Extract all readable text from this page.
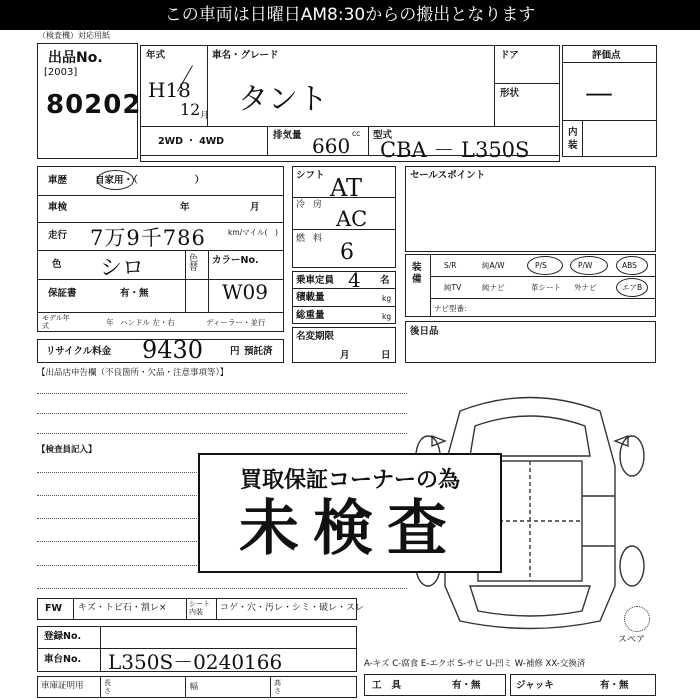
この車両は日曜日AM8:30からの搬出となります
（検査機）対応用紙
出品No.
[2003]
80202
年式
H18
12 月
車名・グレード
タント
ドア
形状
2WD ・ 4WD
排気量 660
cc 型式
CBA － L350S
評価点
—
内装
車歴	自家用・（　　　　　　）
車検	年	月
走行 7万9千786	km/マイル(　)
色 シロ	色替
カラーNo.
W09
保証書	有・無
モデル年式	年 ハンドル 左・右	ディーラー・並行
リサイクル料金 9430	円 預託済
シフト AT
冷房
AC
燃料
6
乗車定員 4 名
積載量	kg
総重量	kg
名変期限
月	日
セールスポイント
装備
S/R	純A/W	P/S	P/W	ABS
純TV	純ナビ	革シート 外ナビ	エアB
ナビ型番：
後日品
【出品店申告欄（不良箇所・欠品・注意事項等）】
【検査員記入】
スペア
買取保証コーナーの為
未検査
FW キズ・トビ石・割レ×	シート内装	コゲ・穴・汚レ・シミ・破レ・スレ
登録No.
車台No. L350S－0240166	A-キズ C-腐食 E-エクボ S-サビ U-凹ミ W-補修 XX-交換済
車庫証明用	長さ	幅	高さ	工具	有・無	ジャッキ	有・無
